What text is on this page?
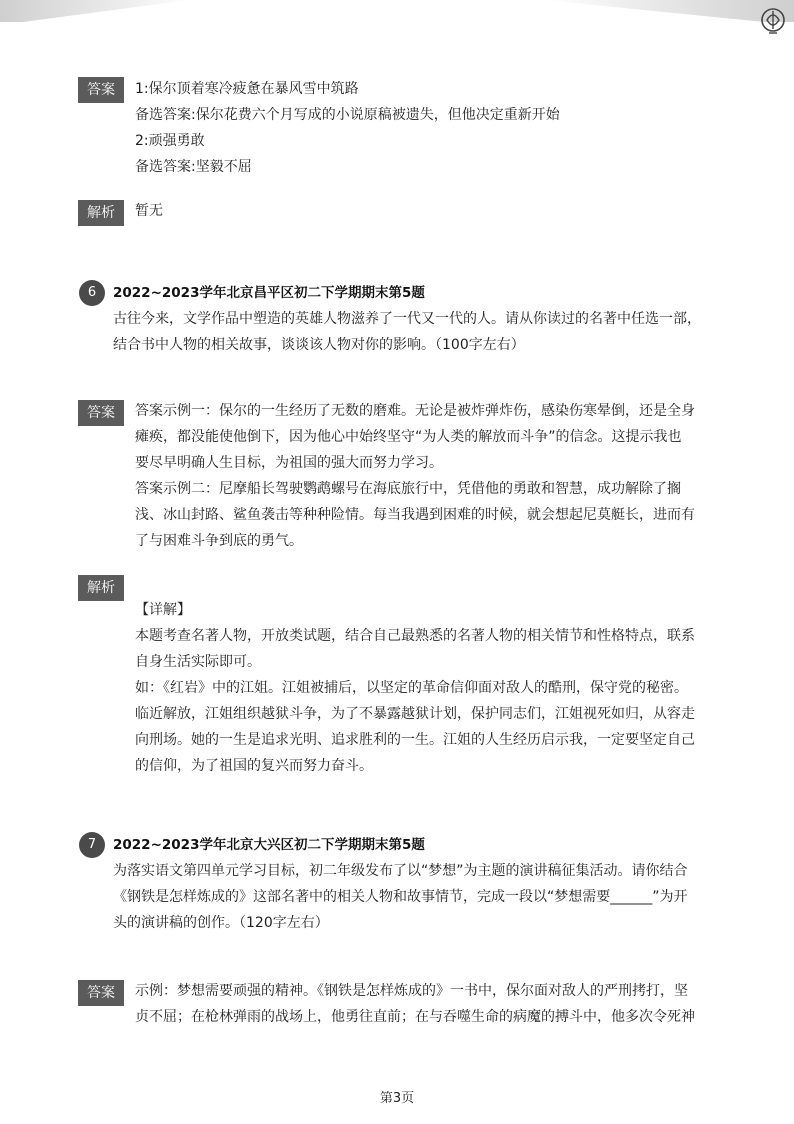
答案	1:保尔顶着寒冷疲惫在暴风雪中筑路
备选答案:保尔花费六个月写成的小说原稿被遗失，但他决定重新开始
2:顽强勇敢
备选答案:坚毅不屈
解析	暂无
6	2022~2023学年北京昌平区初二下学期期末第5题
古往今来，文学作品中塑造的英雄人物滋养了一代又一代的人。请从你读过的名著中任选一部，
结合书中人物的相关故事，谈谈该人物对你的影响。（100字左右）
答案	答案示例一：保尔的一生经历了无数的磨难。无论是被炸弹炸伤，感染伤寒晕倒，还是全身
瘫痪，都没能使他倒下，因为他心中始终坚守“为人类的解放而斗争”的信念。这提示我也
要尽早明确人生目标，为祖国的强大而努力学习。
答案示例二：尼摩船长驾驶鹦鹉螺号在海底旅行中，凭借他的勇敢和智慧，成功解除了搁
浅、冰山封路、鲨鱼袭击等种种险情。每当我遇到困难的时候，就会想起尼莫艇长，进而有
了与困难斗争到底的勇气。
解析
【详解】
本题考查名著人物，开放类试题，结合自己最熟悉的名著人物的相关情节和性格特点，联系
自身生活实际即可。
如：《红岩》中的江姐。江姐被捕后，以坚定的革命信仰面对敌人的酷刑，保守党的秘密。
临近解放，江姐组织越狱斗争，为了不暴露越狱计划，保护同志们，江姐视死如归，从容走
向刑场。她的一生是追求光明、追求胜利的一生。江姐的人生经历启示我，一定要坚定自己
的信仰，为了祖国的复兴而努力奋斗。
7	2022~2023学年北京大兴区初二下学期期末第5题
为落实语文第四单元学习目标，初二年级发布了以“梦想”为主题的演讲稿征集活动。请你结合
《钢铁是怎样炼成的》这部名著中的相关人物和故事情节，完成一段以“梦想需要______”为开
头的演讲稿的创作。（120字左右）
答案	示例：梦想需要顽强的精神。《钢铁是怎样炼成的》一书中，保尔面对敌人的严刑拷打，坚
贞不屈；在枪林弹雨的战场上，他勇往直前；在与吞噬生命的病魔的搏斗中，他多次令死神
第3页
